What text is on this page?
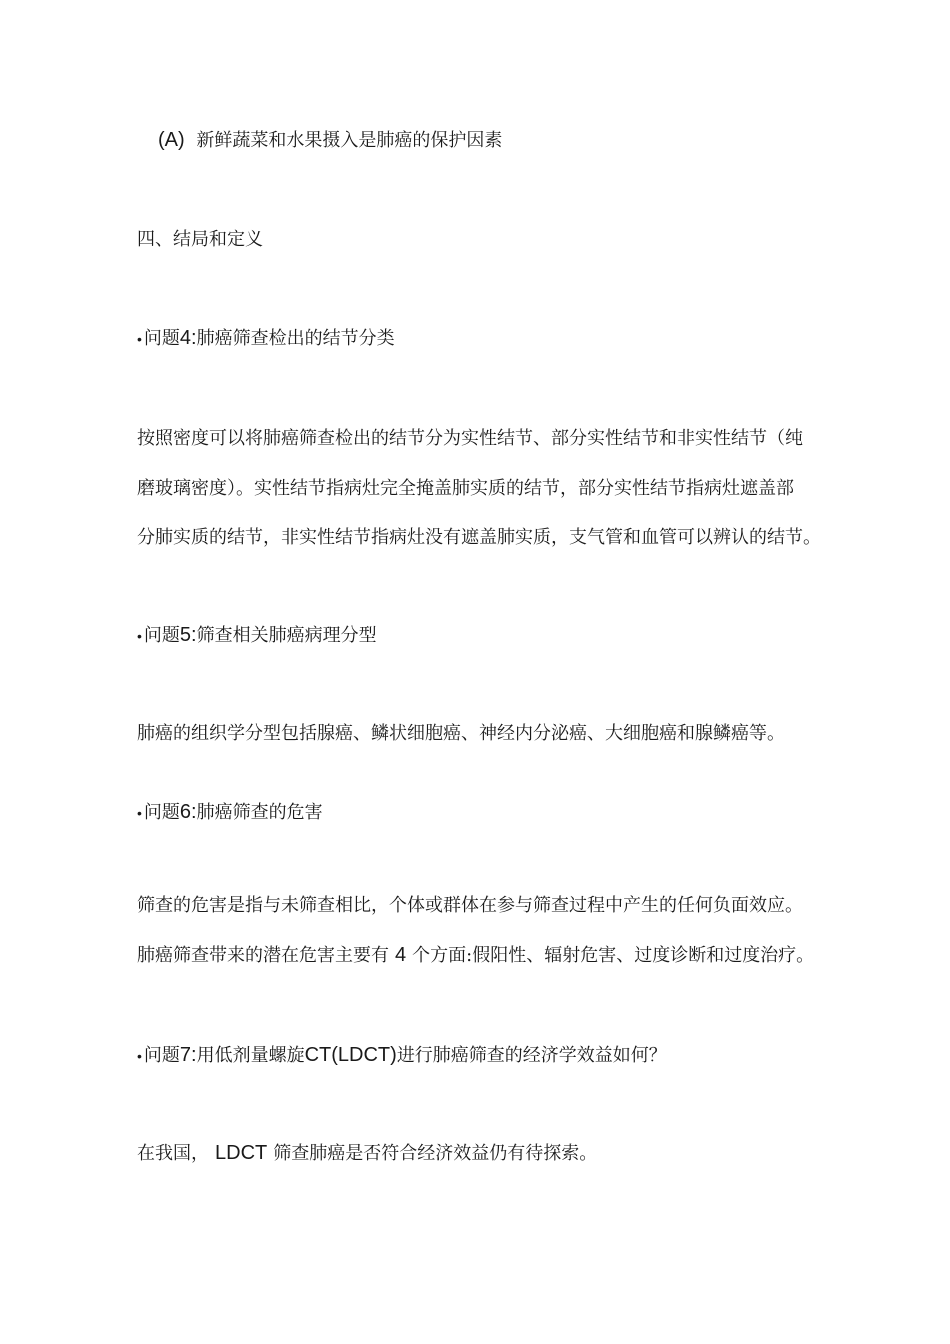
(A) 新鲜蔬菜和水果摄入是肺癌的保护因素
四、结局和定义
• 问题4:肺癌筛查检出的结节分类
按照密度可以将肺癌筛查检出的结节分为实性结节、部分实性结节和非实性结节（纯
磨玻璃密度）。实性结节指病灶完全掩盖肺实质的结节，部分实性结节指病灶遮盖部
分肺实质的结节，非实性结节指病灶没有遮盖肺实质，支气管和血管可以辨认的结节。
• 问题5:筛查相关肺癌病理分型
肺癌的组织学分型包括腺癌、鳞状细胞癌、神经内分泌癌、大细胞癌和腺鳞癌等。
• 问题6:肺癌筛查的危害
筛查的危害是指与未筛查相比，个体或群体在参与筛查过程中产生的任何负面效应。
肺癌筛查带来的潜在危害主要有 4 个方面:假阳性、辐射危害、过度诊断和过度治疗。
• 问题7:用低剂量螺旋CT(LDCT)进行肺癌筛查的经济学效益如何？
在我国， LDCT 筛查肺癌是否符合经济效益仍有待探索。
